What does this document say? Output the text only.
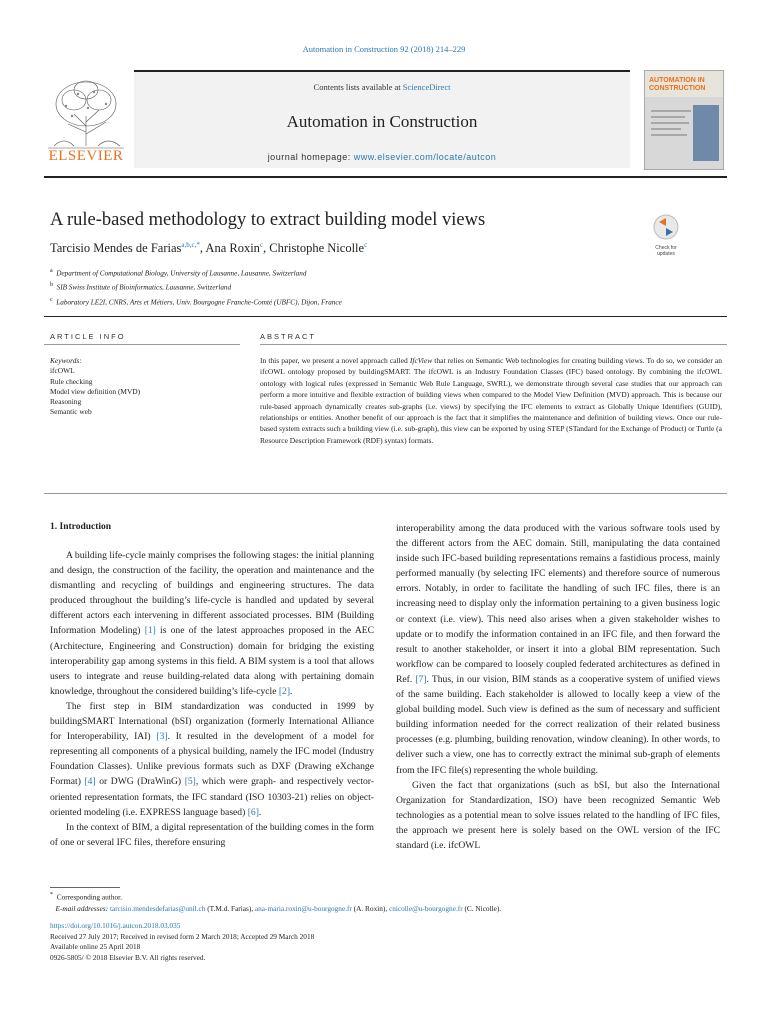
Automation in Construction 92 (2018) 214–229
ELSEVIER
Contents lists available at ScienceDirect
Automation in Construction
journal homepage: www.elsevier.com/locate/autcon
AUTOMATION IN CONSTRUCTION
A rule-based methodology to extract building model views
Tarcisio Mendes de Farias$^{a,b,c,*}$, Ana Roxin$^c$, Christophe Nicolle$^c$	Check for
updates
$^a$ Department of Computational Biology, University of Lausanne, Lausanne, Switzerland
$^b$ SIB Swiss Institute of Bioinformatics, Lausanne, Switzerland
$^c$ Laboratory LE2I, CNRS, Arts et Métiers, Univ. Bourgogne Franche-Comté (UBFC), Dijon, France
ARTICLE INFO	ABSTRACT
Keywords:
ifcOWL
Rule checking
Model view definition (MVD)
Reasoning
Semantic web
In this paper, we present a novel approach called IfcView that relies on Semantic Web technologies for creating building views. To do so, we consider an ifcOWL ontology proposed by buildingSMART. The ifcOWL is an Industry Foundation Classes (IFC) based ontology. By combining the ifcOWL ontology with logical rules (expressed in Semantic Web Rule Language, SWRL), we demonstrate through several case studies that our approach can perform a more intuitive and flexible extraction of building views when compared to the Model View Definition (MVD) approach. This is because our rule-based approach dynamically creates sub-graphs (i.e. views) by specifying the IFC elements to extract as Globally Unique Identifiers (GUID), relationships or entities. Another benefit of our approach is the fact that it simplifies the maintenance and definition of building views. Once our rule-based system extracts such a building view (i.e. sub-graph), this view can be exported by using STEP (STandard for the Exchange of Product) or Turtle (a Resource Description Framework (RDF) syntax) formats.
1. Introduction

A building life-cycle mainly comprises the following stages: the initial planning and design, the construction of the facility, the operation and maintenance and the dismantling and recycling of buildings and engineering structures. The data produced throughout the building’s life-cycle is handled and updated by several different actors each intervening in different associated processes. BIM (Building Information Modeling) [1] is one of the latest approaches proposed in the AEC (Architecture, Engineering and Construction) domain for bridging the existing interoperability gap among systems in this field. A BIM system is a tool that allows users to integrate and reuse building-related data along with pertaining domain knowledge, throughout the considered building’s life-cycle [2].

The first step in BIM standardization was conducted in 1999 by buildingSMART International (bSI) organization (formerly International Alliance for Interoperability, IAI) [3]. It resulted in the development of a model for representing all components of a physical building, namely the IFC model (Industry Foundation Classes). Unlike previous formats such as DXF (Drawing eXchange Format) [4] or DWG (DraWinG) [5], which were graph- and respectively vector-oriented representation formats, the IFC standard (ISO 10303-21) relies on object-oriented modeling (i.e. EXPRESS language based) [6].

In the context of BIM, a digital representation of the building comes in the form of one or several IFC files, therefore ensuring

interoperability among the data produced with the various software tools used by the different actors from the AEC domain. Still, manipulating the data contained inside such IFC-based building representations remains a fastidious process, mainly performed manually (by selecting IFC elements) and therefore source of numerous errors. Notably, in order to facilitate the handling of such IFC files, there is an increasing need to display only the information pertaining to a given business logic or context (i.e. view). This need also arises when a given stakeholder wishes to update or to modify the information contained in an IFC file, and then forward the result to another stakeholder, or insert it into a global BIM representation. Such workflow can be compared to loosely coupled federated architectures as defined in Ref. [7]. Thus, in our vision, BIM stands as a cooperative system of unified views of the same building. Each stakeholder is allowed to locally keep a view of the global building model. Such view is defined as the sum of necessary and sufficient building information needed for the correct realization of their related business processes (e.g. plumbing, building renovation, window cleaning). In other words, to deliver such a view, one has to correctly extract the minimal sub-graph of elements from the IFC file(s) representing the whole building.

Given the fact that organizations (such as bSI, but also the International Organization for Standardization, ISO) have been recognized Semantic Web technologies as a potential mean to solve issues related to the handling of IFC files, the approach we present here is solely based on the OWL version of the IFC standard (i.e. ifcOWL

* Corresponding author.
E-mail addresses: tarcisio.mendesdefarias@unil.ch (T.M.d. Farias), ana-maria.roxin@u-bourgogne.fr (A. Roxin), cnicolle@u-bourgogne.fr (C. Nicolle).
https://doi.org/10.1016/j.autcon.2018.03.035
Received 27 July 2017; Received in revised form 2 March 2018; Accepted 29 March 2018
Available online 25 April 2018
0926-5805/ © 2018 Elsevier B.V. All rights reserved.
